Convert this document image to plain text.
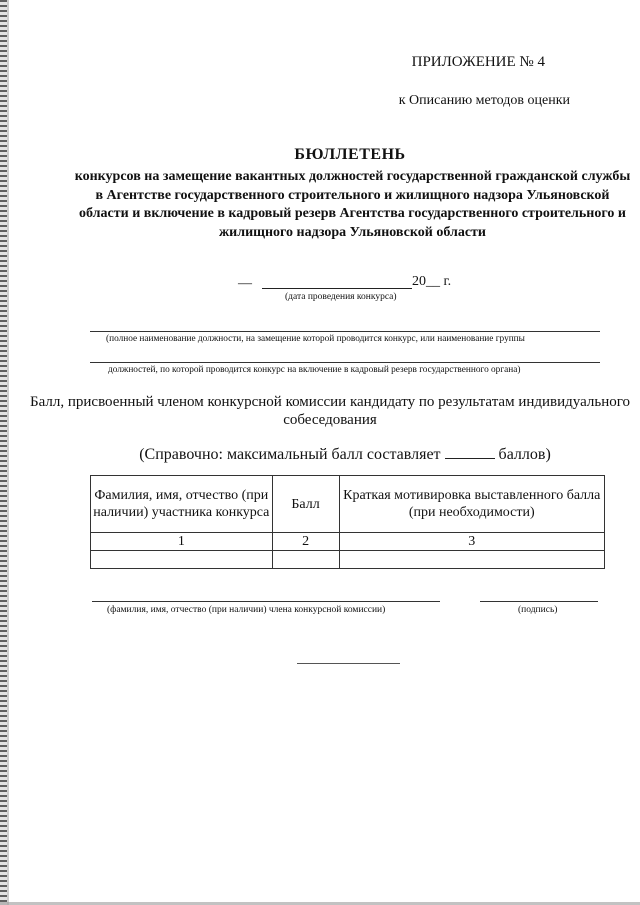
ПРИЛОЖЕНИЕ № 4
к Описанию методов оценки
БЮЛЛЕТЕНЬ
конкурсов на замещение вакантных должностей государственной гражданской службы в Агентстве государственного строительного и жилищного надзора Ульяновской области и включение в кадровый резерв Агентства государственного строительного и жилищного надзора Ульяновской области
—	20__ г.
(дата проведения конкурса)
(полное наименование должности, на замещение которой проводится конкурс, или наименование группы
должностей, по которой проводится конкурс на включение в кадровый резерв государственного органа)
Балл, присвоенный членом конкурсной комиссии кандидату по результатам индивидуального собеседования
(Справочно: максимальный балл составляет	баллов)
Фамилия, имя, отчество (при наличии) участника конкурса	Балл	Краткая мотивировка выставленного балла (при необходимости)
1	2	3

(фамилия, имя, отчество (при наличии) члена конкурсной комиссии)	(подпись)
